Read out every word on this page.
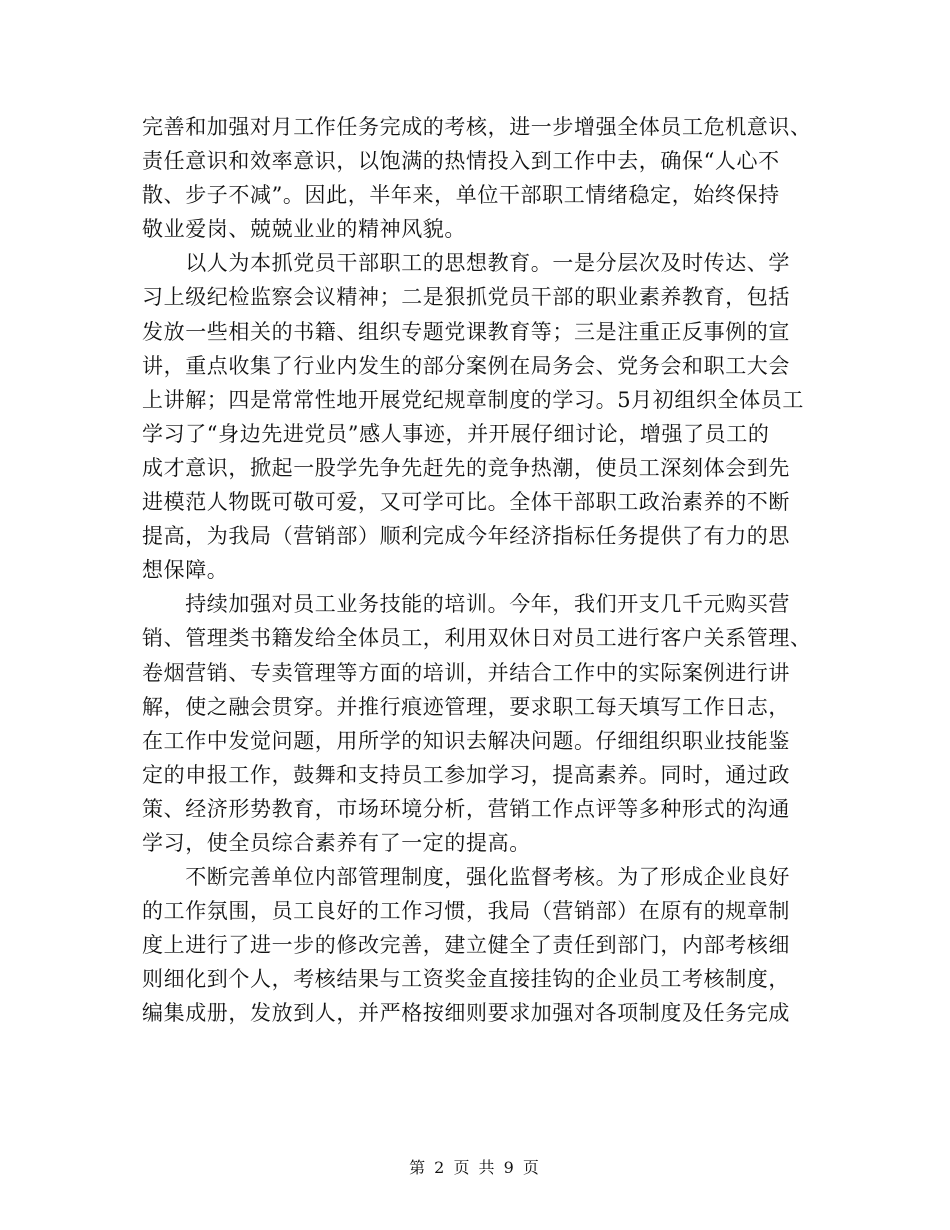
完善和加强对月工作任务完成的考核，进一步增强全体员工危机意识、
责任意识和效率意识，以饱满的热情投入到工作中去，确保“人心不
散、步子不减”。因此，半年来，单位干部职工情绪稳定，始终保持
敬业爱岗、兢兢业业的精神风貌。
　　以人为本抓党员干部职工的思想教育。一是分层次及时传达、学
习上级纪检监察会议精神；二是狠抓党员干部的职业素养教育，包括
发放一些相关的书籍、组织专题党课教育等；三是注重正反事例的宣
讲，重点收集了行业内发生的部分案例在局务会、党务会和职工大会
上讲解；四是常常性地开展党纪规章制度的学习。5月初组织全体员工
学习了“身边先进党员”感人事迹，并开展仔细讨论，增强了员工的
成才意识，掀起一股学先争先赶先的竞争热潮，使员工深刻体会到先
进模范人物既可敬可爱，又可学可比。全体干部职工政治素养的不断
提高，为我局（营销部）顺利完成今年经济指标任务提供了有力的思
想保障。
　　持续加强对员工业务技能的培训。今年，我们开支几千元购买营
销、管理类书籍发给全体员工，利用双休日对员工进行客户关系管理、
卷烟营销、专卖管理等方面的培训，并结合工作中的实际案例进行讲
解，使之融会贯穿。并推行痕迹管理，要求职工每天填写工作日志，
在工作中发觉问题，用所学的知识去解决问题。仔细组织职业技能鉴
定的申报工作，鼓舞和支持员工参加学习，提高素养。同时，通过政
策、经济形势教育，市场环境分析，营销工作点评等多种形式的沟通
学习，使全员综合素养有了一定的提高。
　　不断完善单位内部管理制度，强化监督考核。为了形成企业良好
的工作氛围，员工良好的工作习惯，我局（营销部）在原有的规章制
度上进行了进一步的修改完善，建立健全了责任到部门，内部考核细
则细化到个人，考核结果与工资奖金直接挂钩的企业员工考核制度，
编集成册，发放到人，并严格按细则要求加强对各项制度及任务完成
第 2 页 共 9 页
